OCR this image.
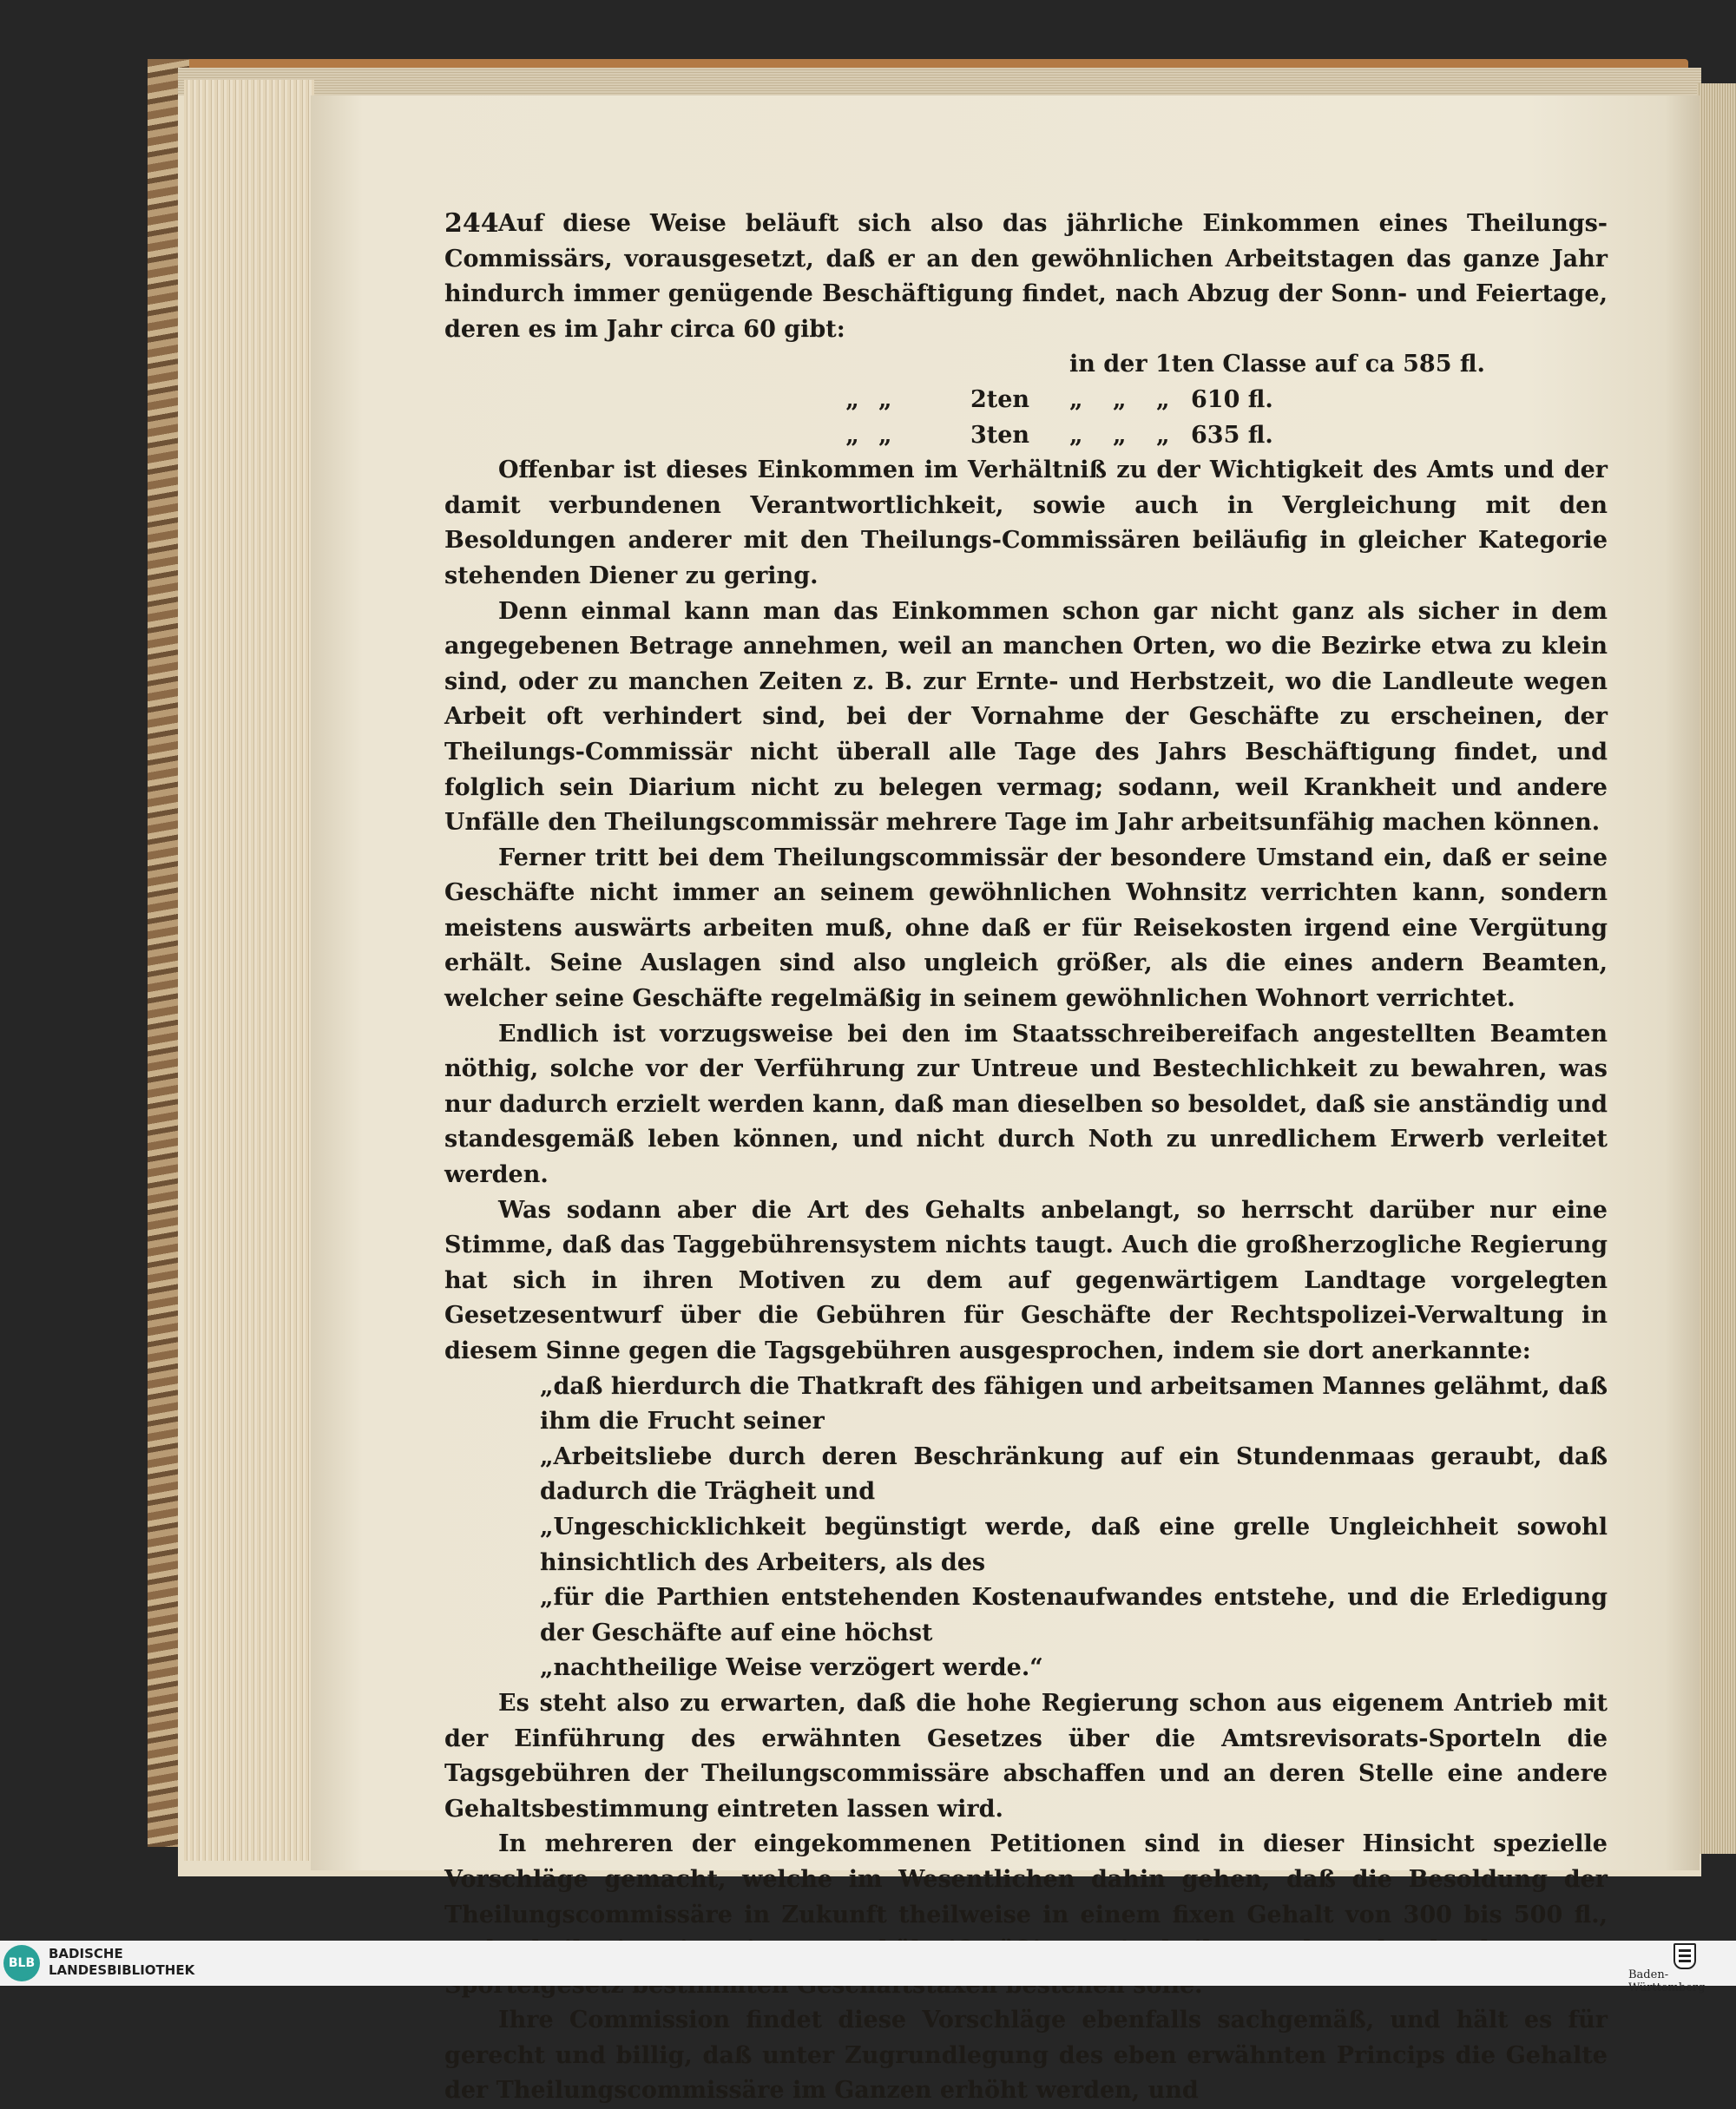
244 Auf diese Weise beläuft sich also das jährliche Einkommen eines Theilungs-Commissärs, vorausgesetzt, daß er an den gewöhnlichen Arbeitstagen das ganze Jahr hindurch immer genügende Beschäftigung findet, nach Abzug der Sonn- und Feiertage, deren es im Jahr circa 60 gibt:

in der 1ten Classe auf ca 585 fl.
„ „	2ten	„	„	„ 610 fl.
„ „	3ten	„	„	„ 635 fl.

Offenbar ist dieses Einkommen im Verhältniß zu der Wichtigkeit des Amts und der damit verbundenen Verantwortlichkeit, sowie auch in Vergleichung mit den Besoldungen anderer mit den Theilungs-Commissären beiläufig in gleicher Kategorie stehenden Diener zu gering.

Denn einmal kann man das Einkommen schon gar nicht ganz als sicher in dem angegebenen Betrage annehmen, weil an manchen Orten, wo die Bezirke etwa zu klein sind, oder zu manchen Zeiten z. B. zur Ernte- und Herbstzeit, wo die Landleute wegen Arbeit oft verhindert sind, bei der Vornahme der Geschäfte zu erscheinen, der Theilungs-Commissär nicht überall alle Tage des Jahrs Beschäftigung findet, und folglich sein Diarium nicht zu belegen vermag; sodann, weil Krankheit und andere Unfälle den Theilungscommissär mehrere Tage im Jahr arbeitsunfähig machen können.

Ferner tritt bei dem Theilungscommissär der besondere Umstand ein, daß er seine Geschäfte nicht immer an seinem gewöhnlichen Wohnsitz verrichten kann, sondern meistens auswärts arbeiten muß, ohne daß er für Reisekosten irgend eine Vergütung erhält. Seine Auslagen sind also ungleich größer, als die eines andern Beamten, welcher seine Geschäfte regelmäßig in seinem gewöhnlichen Wohnort verrichtet.

Endlich ist vorzugsweise bei den im Staatsschreibereifach angestellten Beamten nöthig, solche vor der Verführung zur Untreue und Bestechlichkeit zu bewahren, was nur dadurch erzielt werden kann, daß man dieselben so besoldet, daß sie anständig und standesgemäß leben können, und nicht durch Noth zu unredlichem Erwerb verleitet werden.

Was sodann aber die Art des Gehalts anbelangt, so herrscht darüber nur eine Stimme, daß das Taggebührensystem nichts taugt. Auch die großherzogliche Regierung hat sich in ihren Motiven zu dem auf gegenwärtigem Landtage vorgelegten Gesetzesentwurf über die Gebühren für Geschäfte der Rechtspolizei-Verwaltung in diesem Sinne gegen die Tagsgebühren ausgesprochen, indem sie dort anerkannte:

„daß hierdurch die Thatkraft des fähigen und arbeitsamen Mannes gelähmt, daß ihm die Frucht seiner

„Arbeitsliebe durch deren Beschränkung auf ein Stundenmaas geraubt, daß dadurch die Trägheit und

„Ungeschicklichkeit begünstigt werde, daß eine grelle Ungleichheit sowohl hinsichtlich des Arbeiters, als des

„für die Parthien entstehenden Kostenaufwandes entstehe, und die Erledigung der Geschäfte auf eine höchst

„nachtheilige Weise verzögert werde.“

Es steht also zu erwarten, daß die hohe Regierung schon aus eigenem Antrieb mit der Einführung des erwähnten Gesetzes über die Amtsrevisorats-Sporteln die Tagsgebühren der Theilungscommissäre abschaffen und an deren Stelle eine andere Gehaltsbestimmung eintreten lassen wird.

In mehreren der eingekommenen Petitionen sind in dieser Hinsicht spezielle Vorschläge gemacht, welche im Wesentlichen dahin gehen, daß die Besoldung der Theilungscommissäre in Zukunft theilweise in einem fixen Gehalt von 300 bis 500 fl.,

Ihre Commission findet diese Vorschläge ebenfalls sachgemäß, und hält es für gerecht und billig, daß unter Zugrundlegung des eben erwähnten Princips die Gehalte der Theilungscommissäre im Ganzen erhöht werden, und

BLB
BADISCHE
LANDESBIBLIOTHEK	Baden-Württemberg
